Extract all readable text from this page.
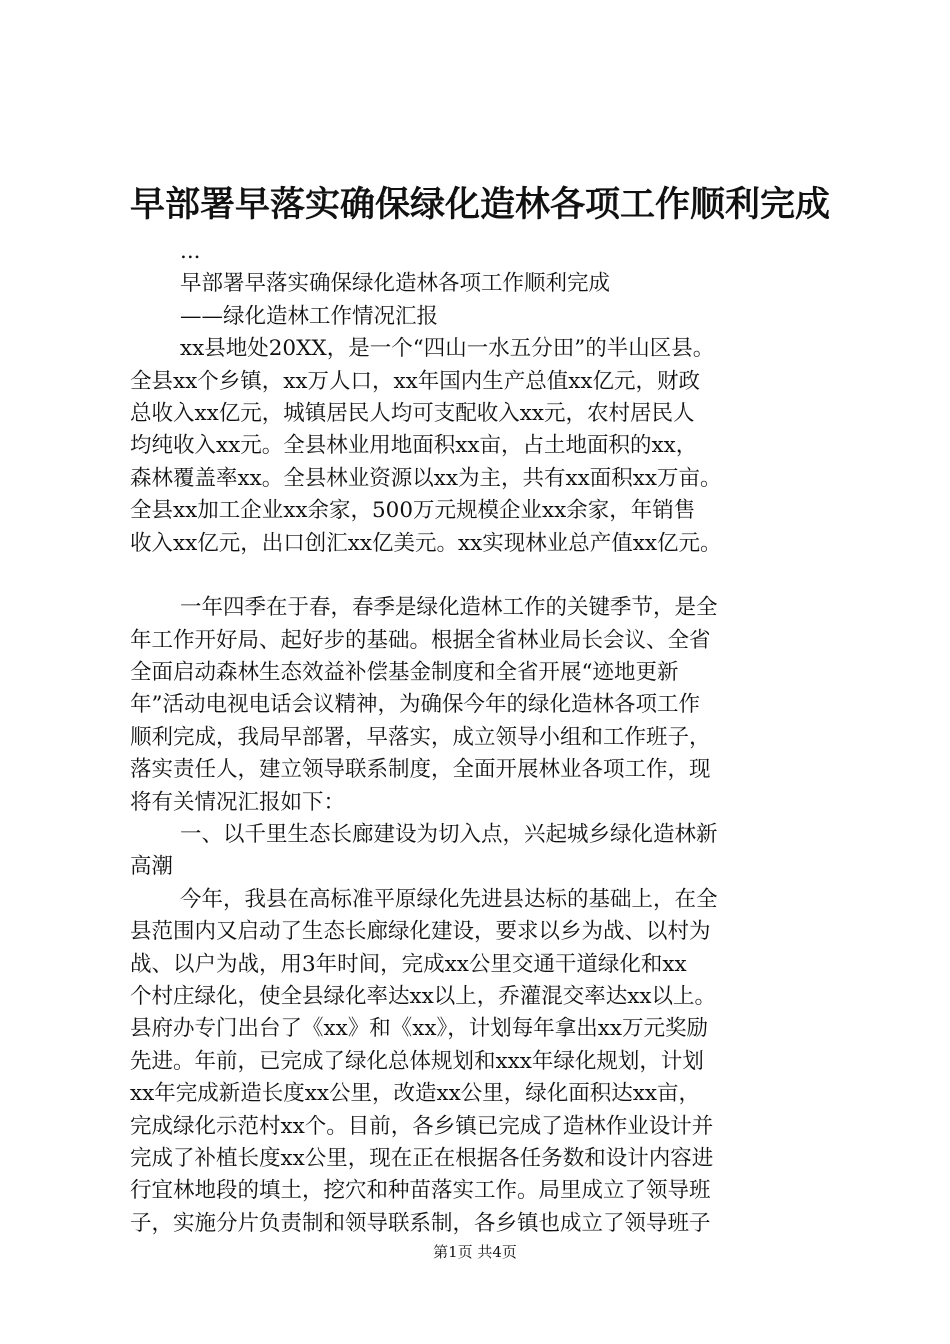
早部署早落实确保绿化造林各项工作顺利完成
...
早部署早落实确保绿化造林各项工作顺利完成
——绿化造林工作情况汇报
xx县地处20XX，是一个“四山一水五分田”的半山区县。
全县xx个乡镇，xx万人口，xx年国内生产总值xx亿元，财政
总收入xx亿元，城镇居民人均可支配收入xx元，农村居民人
均纯收入xx元。全县林业用地面积xx亩，占土地面积的xx，
森林覆盖率xx。全县林业资源以xx为主，共有xx面积xx万亩。
全县xx加工企业xx余家，500万元规模企业xx余家，年销售
收入xx亿元，出口创汇xx亿美元。xx实现林业总产值xx亿元。
一年四季在于春，春季是绿化造林工作的关键季节，是全
年工作开好局、起好步的基础。根据全省林业局长会议、全省
全面启动森林生态效益补偿基金制度和全省开展“迹地更新
年”活动电视电话会议精神，为确保今年的绿化造林各项工作
顺利完成，我局早部署，早落实，成立领导小组和工作班子，
落实责任人，建立领导联系制度，全面开展林业各项工作，现
将有关情况汇报如下：
一、以千里生态长廊建设为切入点，兴起城乡绿化造林新
高潮
今年，我县在高标准平原绿化先进县达标的基础上，在全
县范围内又启动了生态长廊绿化建设，要求以乡为战、以村为
战、以户为战，用3年时间，完成xx公里交通干道绿化和xx
个村庄绿化，使全县绿化率达xx以上，乔灌混交率达xx以上。
县府办专门出台了《xx》和《xx》，计划每年拿出xx万元奖励
先进。年前，已完成了绿化总体规划和xxx年绿化规划，计划
xx年完成新造长度xx公里，改造xx公里，绿化面积达xx亩，
完成绿化示范村xx个。目前，各乡镇已完成了造林作业设计并
完成了补植长度xx公里，现在正在根据各任务数和设计内容进
行宜林地段的填土，挖穴和种苗落实工作。局里成立了领导班
子，实施分片负责制和领导联系制，各乡镇也成立了领导班子
第1页 共4页
